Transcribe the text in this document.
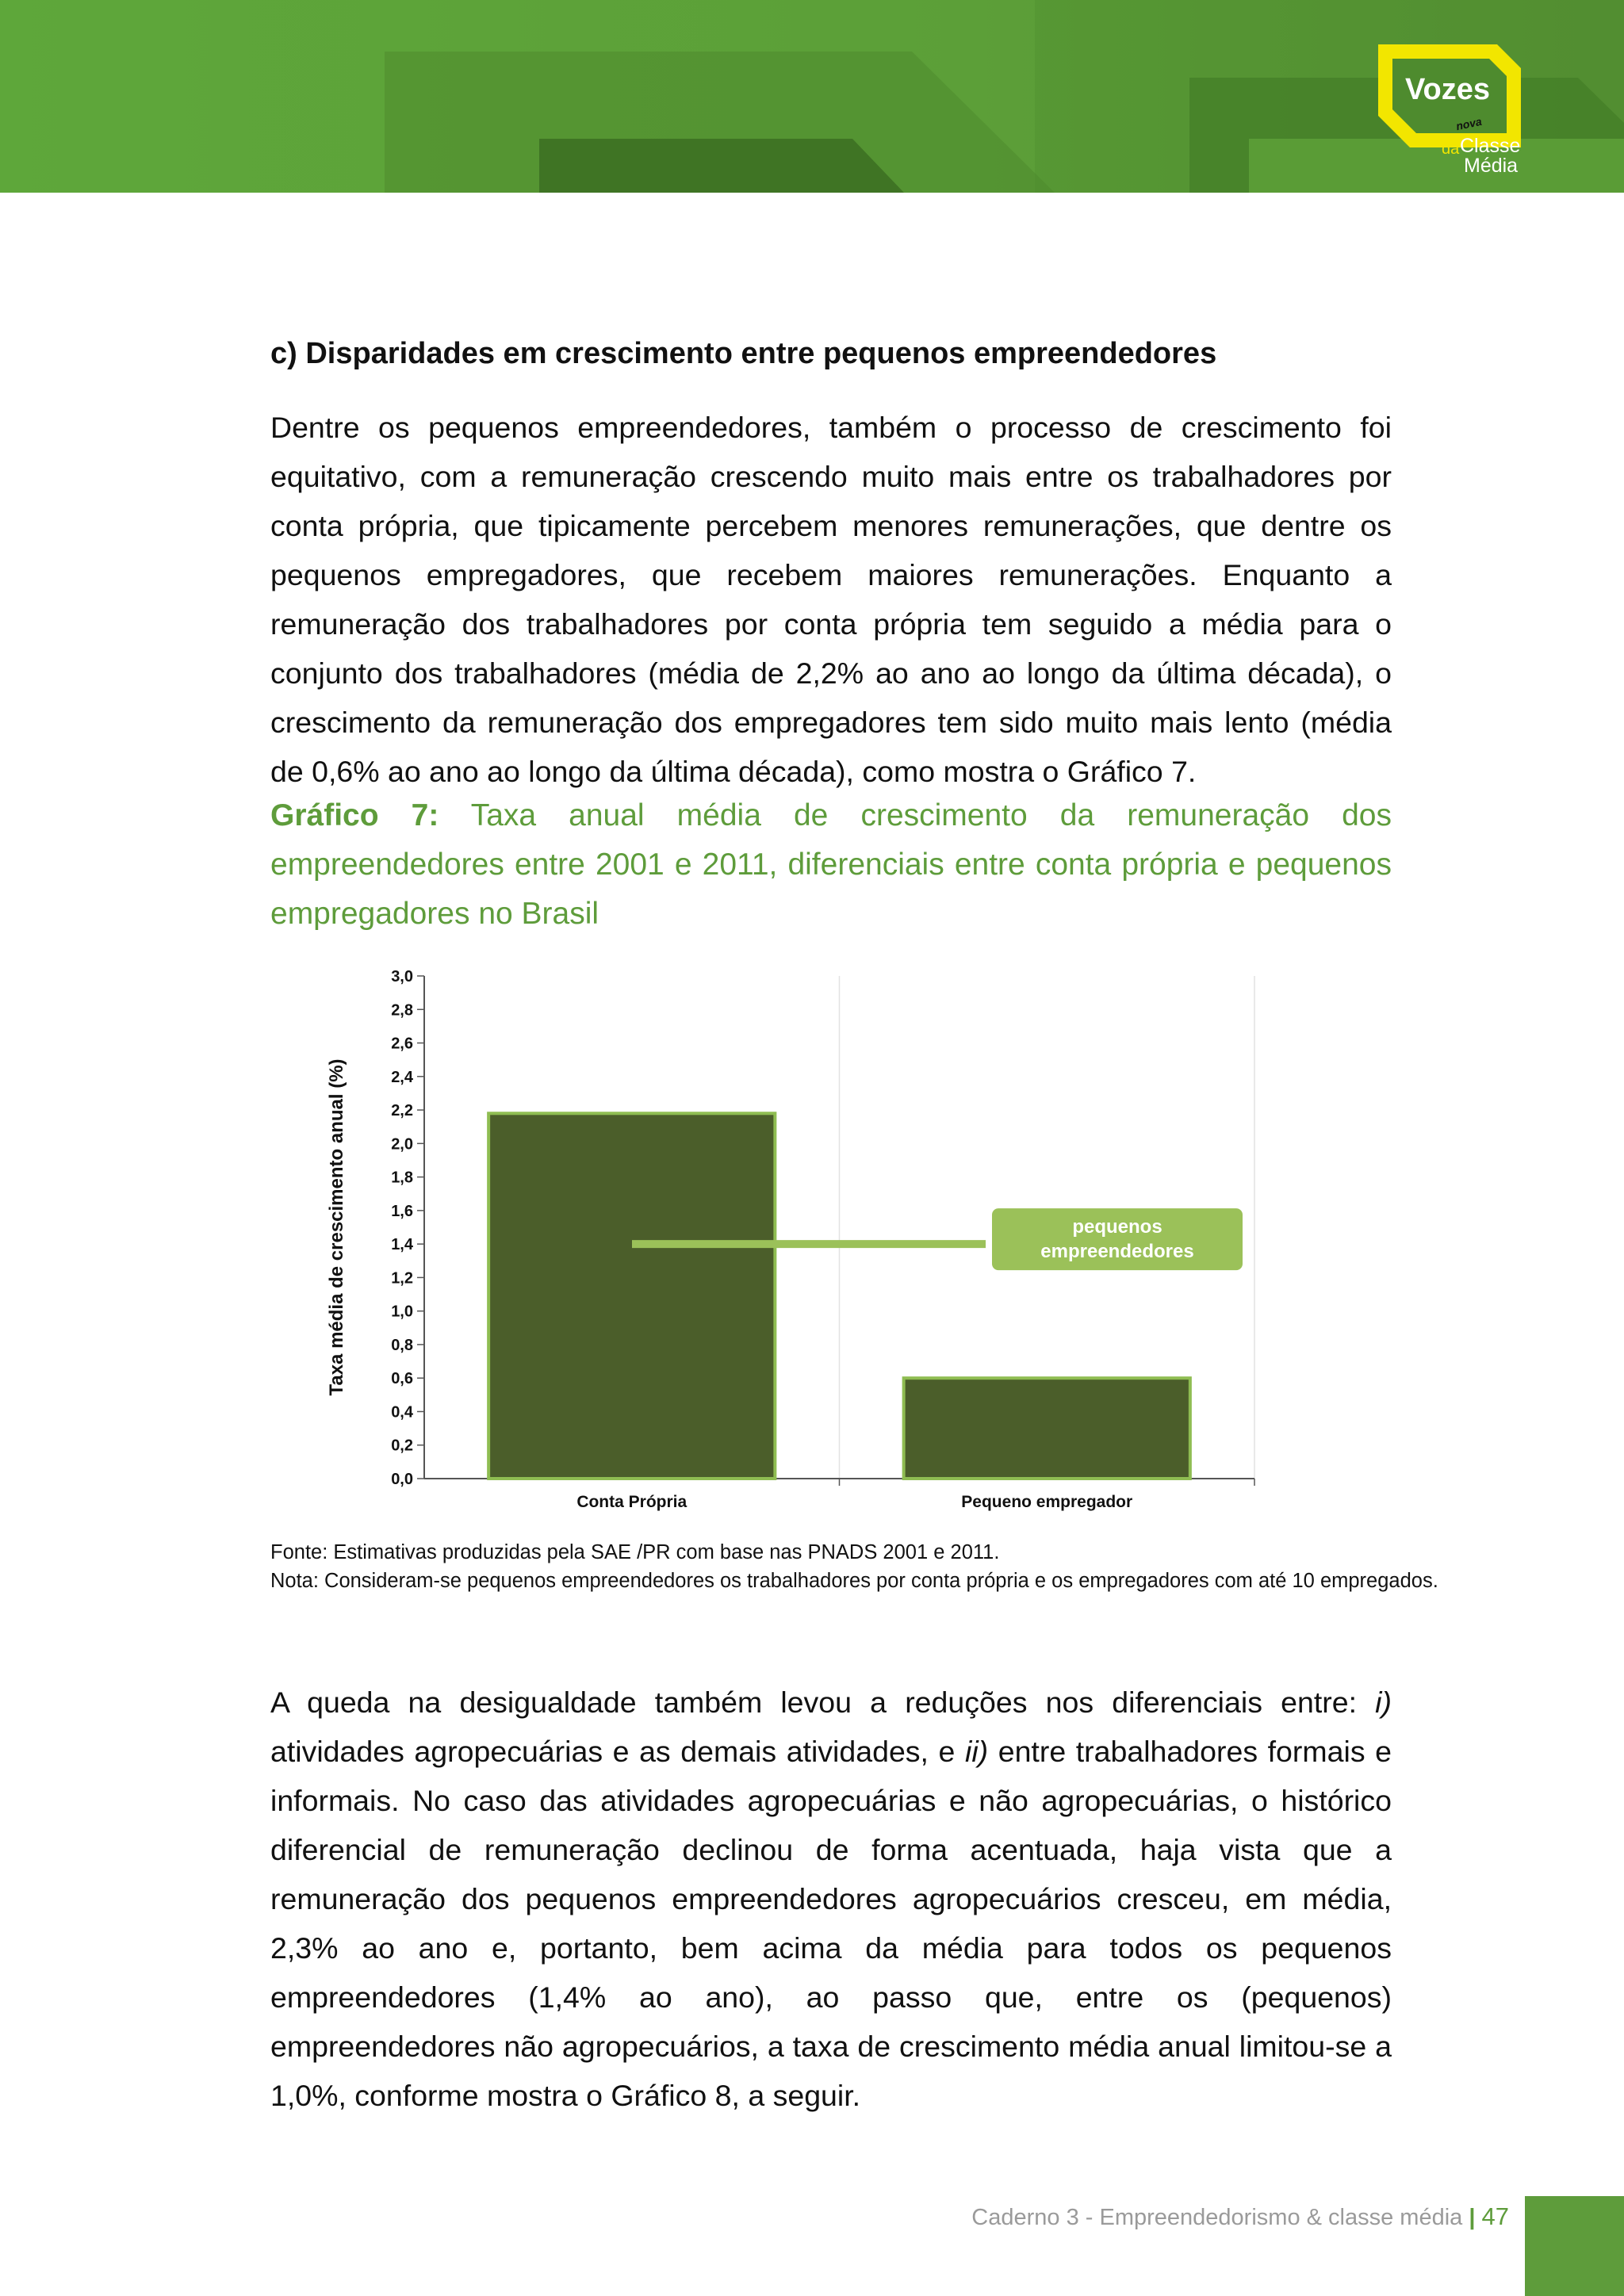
Vozes
nova
da Classe
Média
c) Disparidades em crescimento entre pequenos empreendedores

Dentre os pequenos empreendedores, também o processo de crescimento foi equitativo, com a remuneração crescendo muito mais entre os trabalhadores por conta própria, que tipicamente percebem menores remunerações, que dentre os pequenos empregadores, que recebem maiores remunerações. Enquanto a remuneração dos trabalhadores por conta própria tem seguido a média para o conjunto dos trabalhadores (média de 2,2% ao ano ao longo da última década), o crescimento da remuneração dos empregadores tem sido muito mais lento (média de 0,6% ao ano ao longo da última década), como mostra o Gráfico 7.

Gráfico 7: Taxa anual média de crescimento da remuneração dos empreendedores entre 2001 e 2011, diferenciais entre conta própria e pequenos empregadores no Brasil

0,0
0,2
0,4
0,6
0,8
1,0
1,2
1,4
1,6
1,8
2,0
2,2
2,4
2,6
2,8
3,0
Conta Própria	Pequeno empregador
pequenos
empreendedores
Taxa média de crescimento anual (%)
Fonte: Estimativas produzidas pela SAE /PR com base nas PNADS 2001 e 2011.
Nota: Consideram-se pequenos empreendedores os trabalhadores por conta própria e os empregadores com até 10 empregados.

A queda na desigualdade também levou a reduções nos diferenciais entre: i) atividades agropecuárias e as demais atividades, e ii) entre trabalhadores formais e informais. No caso das atividades agropecuárias e não agropecuárias, o histórico diferencial de remuneração declinou de forma acentuada, haja vista que a remuneração dos pequenos empreendedores agropecuários cresceu, em média, 2,3% ao ano e, portanto, bem acima da média para todos os pequenos empreendedores (1,4% ao ano), ao passo que, entre os (pequenos) empreendedores não agropecuários, a taxa de crescimento média anual limitou-se a 1,0%, conforme mostra o Gráfico 8, a seguir.

Caderno 3 - Empreendedorismo & classe média | 47
